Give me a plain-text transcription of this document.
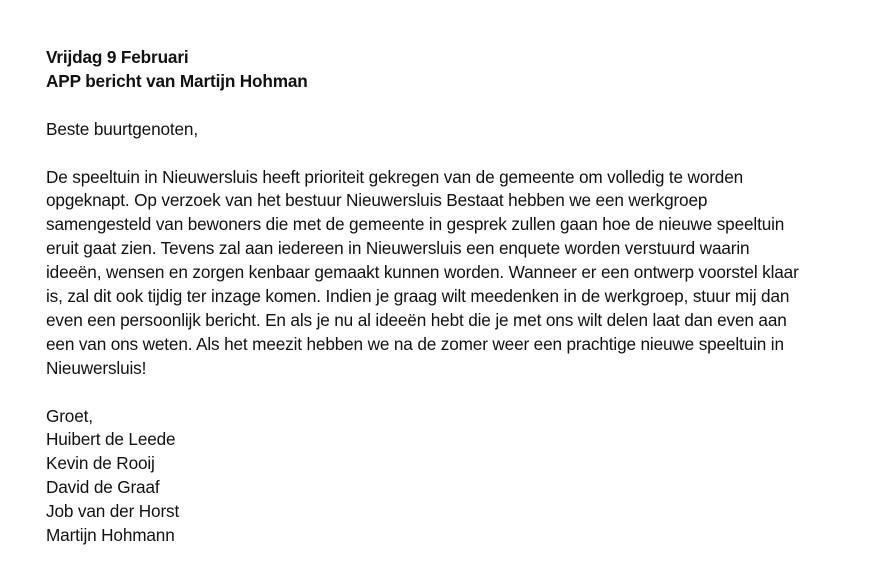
Vrijdag 9 Februari
APP bericht van Martijn Hohman
Beste buurtgenoten,
De speeltuin in Nieuwersluis heeft prioriteit gekregen van de gemeente om volledig te worden
opgeknapt. Op verzoek van het bestuur Nieuwersluis Bestaat hebben we een werkgroep
samengesteld van bewoners die met de gemeente in gesprek zullen gaan hoe de nieuwe speeltuin
eruit gaat zien. Tevens zal aan iedereen in Nieuwersluis een enquete worden verstuurd waarin
ideeën, wensen en zorgen kenbaar gemaakt kunnen worden. Wanneer er een ontwerp voorstel klaar
is, zal dit ook tijdig ter inzage komen. Indien je graag wilt meedenken in de werkgroep, stuur mij dan
even een persoonlijk bericht. En als je nu al ideeën hebt die je met ons wilt delen laat dan even aan
een van ons weten. Als het meezit hebben we na de zomer weer een prachtige nieuwe speeltuin in
Nieuwersluis!
Groet,
Huibert de Leede
Kevin de Rooij
David de Graaf
Job van der Horst
Martijn Hohmann
